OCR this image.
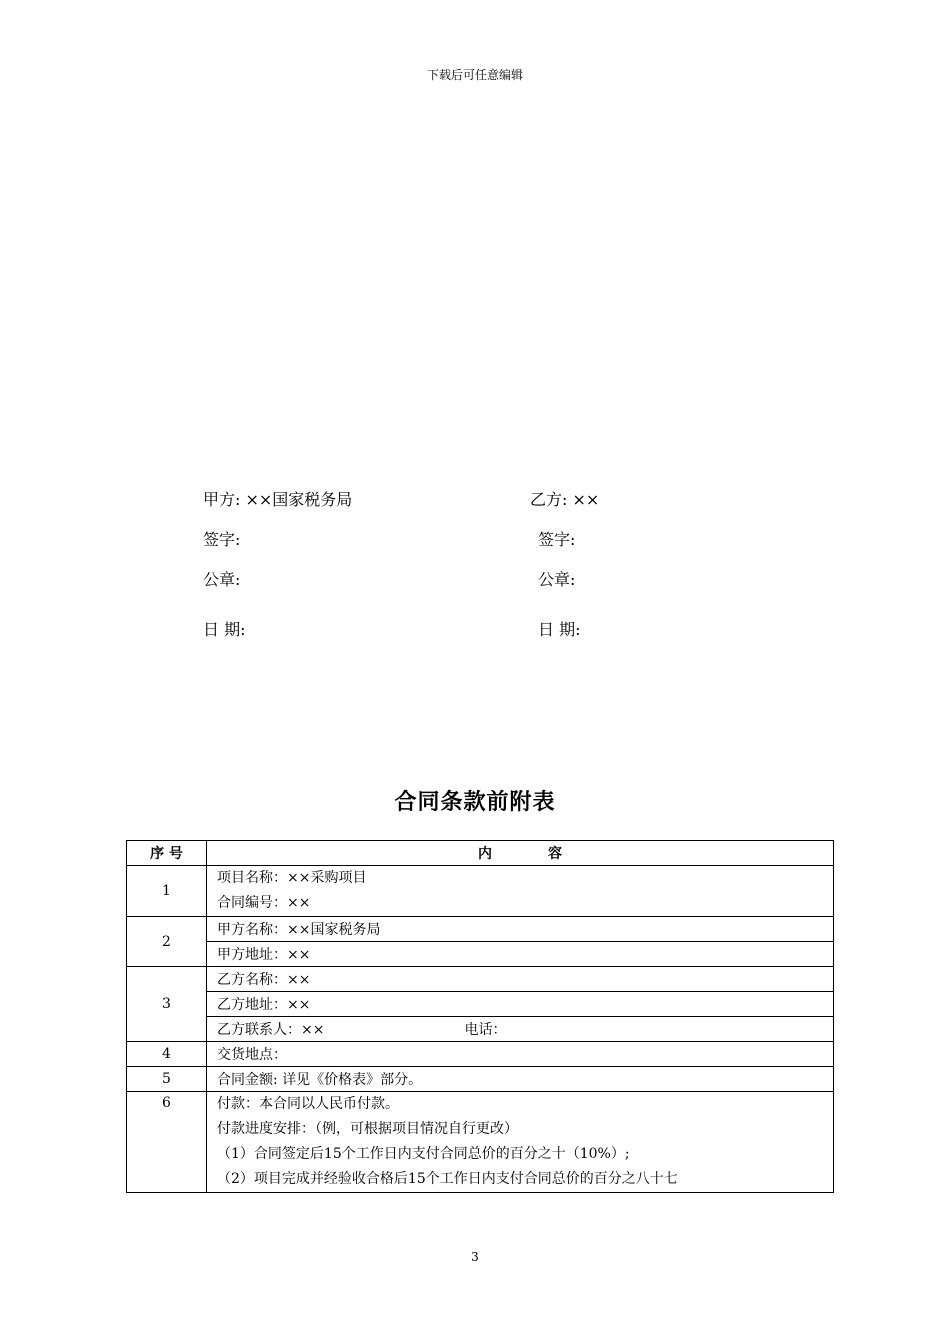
下载后可任意编辑
甲方: ××国家税务局	乙方: ××
签字:	签字:
公章:	公章:
日 期:	日 期:
合同条款前附表
序 号	内　　　　容
1	项目名称：××采购项目
合同编号：××

2	甲方名称：××国家税务局
	甲方地址：××
3	乙方名称：××
	乙方地址：××
	乙方联系人：×× 电话：
4	交货地点：
5	合同金额: 详见《价格表》部分。
6	付款：本合同以人民币付款。
付款进度安排：（例，可根据项目情况自行更改）
（1）合同签定后15个工作日内支付合同总价的百分之十（10%）;
（2）项目完成并经验收合格后15个工作日内支付合同总价的百分之八十七
3
